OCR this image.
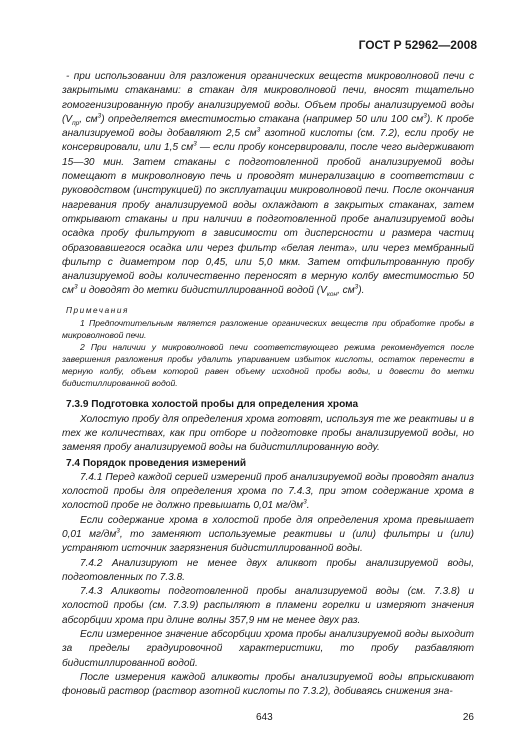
ГОСТ Р 52962—2008

- при использовании для разложения органических веществ микроволновой печи с закрытыми стаканами: в стакан для микроволновой печи, вносят тщательно гомогенизированную пробу анализируемой воды. Объем пробы анализируемой воды ($V_{пр}$, $см^3$) определяется вместимостью стакана (например 50 или 100 $см^3$). К пробе анализируемой воды добавляют 2,5 $см^3$ азотной кислоты (см. 7.2), если пробу не консервировали, или 1,5 $см^3$ — если пробу консервировали, после чего выдерживают 15—30 мин. Затем стаканы с подготовленной пробой анализируемой воды помещают в микроволновую печь и проводят минерализацию в соответствии с руководством (инструкцией) по эксплуатации микроволновой печи. После окончания нагревания пробу анализируемой воды охлаждают в закрытых стаканах, затем открывают стаканы и при наличии в подготовленной пробе анализируемой воды осадка пробу фильтруют в зависимости от дисперсности и размера частиц образовавшегося осадка или через фильтр «белая лента», или через мембранный фильтр с диаметром пор 0,45, или 5,0 мкм. Затем отфильтрованную пробу анализируемой воды количественно переносят в мерную колбу вместимостью 50 $см^3$ и доводят до метки бидистиллированной водой ($V_{кон}$, $см^3$).

Примечания

1 Предпочтительным является разложение органических веществ при обработке пробы в микроволновой печи.

2 При наличии у микроволновой печи соответствующего режима рекомендуется после завершения разложения пробы удалить упариванием избыток кислоты, остаток перенести в мерную колбу, объем которой равен объему исходной пробы воды, и довести до метки бидистиллированной водой.

7.3.9 Подготовка холостой пробы для определения хрома

Холостую пробу для определения хрома готовят, используя те же реактивы и в тех же количествах, как при отборе и подготовке пробы анализируемой воды, но заменяя пробу анализируемой воды на бидистиллированную воду.

7.4 Порядок проведения измерений

7.4.1 Перед каждой серией измерений проб анализируемой воды проводят анализ холостой пробы для определения хрома по 7.4.3, при этом содержание хрома в холостой пробе не должно превышать 0,01 $мг/дм^3$.

Если содержание хрома в холостой пробе для определения хрома превышает 0,01 $мг/дм^3$, то заменяют используемые реактивы и (или) фильтры и (или) устраняют источник загрязнения бидистиллированной воды.

7.4.2 Анализируют не менее двух аликвот пробы анализируемой воды, подготовленных по 7.3.8.

7.4.3 Аликвоты подготовленной пробы анализируемой воды (см. 7.3.8) и холостой пробы (см. 7.3.9) распыляют в пламени горелки и измеряют значения абсорбции хрома при длине волны 357,9 нм не менее двух раз.

Если измеренное значение абсорбции хрома пробы анализируемой воды выходит за пределы градуировочной характеристики, то пробу разбавляют бидистиллированной водой.

После измерения каждой аликвоты пробы анализируемой воды впрыскивают фоновый раствор (раствор азотной кислоты по 7.3.2), добиваясь снижения зна-

643	26
